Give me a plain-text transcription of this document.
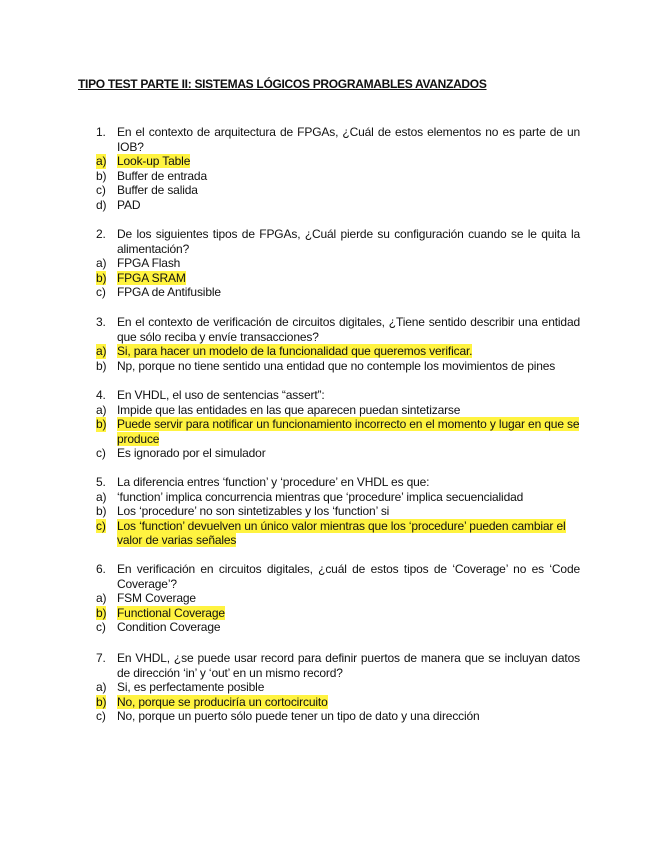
TIPO TEST PARTE II: SISTEMAS LÓGICOS PROGRAMABLES AVANZADOS
1. En el contexto de arquitectura de FPGAs, ¿Cuál de estos elementos no es parte de un IOB?
a) Look-up Table
b) Buffer de entrada
c) Buffer de salida
d) PAD
2. De los siguientes tipos de FPGAs, ¿Cuál pierde su configuración cuando se le quita la alimentación?
a) FPGA Flash
b) FPGA SRAM
c) FPGA de Antifusible
3. En el contexto de verificación de circuitos digitales, ¿Tiene sentido describir una entidad que sólo reciba y envíe transacciones?
a) Si, para hacer un modelo de la funcionalidad que queremos verificar.
b) Np, porque no tiene sentido una entidad que no contemple los movimientos de pines
4. En VHDL, el uso de sentencias “assert”:
a) Impide que las entidades en las que aparecen puedan sintetizarse
b) Puede servir para notificar un funcionamiento incorrecto en el momento y lugar en que se produce
c) Es ignorado por el simulador
5. La diferencia entres ‘function’ y ‘procedure’ en VHDL es que:
a) ‘function’ implica concurrencia mientras que ‘procedure’ implica secuencialidad
b) Los ‘procedure’ no son sintetizables y los ‘function’ si
c) Los ‘function’ devuelven un único valor mientras que los ‘procedure’ pueden cambiar el valor de varias señales
6. En verificación en circuitos digitales, ¿cuál de estos tipos de ‘Coverage’ no es ‘Code Coverage’?
a) FSM Coverage
b) Functional Coverage
c) Condition Coverage
7. En VHDL, ¿se puede usar record para definir puertos de manera que se incluyan datos de dirección ‘in’ y ‘out’ en un mismo record?
a) Si, es perfectamente posible
b) No, porque se produciría un cortocircuito
c) No, porque un puerto sólo puede tener un tipo de dato y una dirección
